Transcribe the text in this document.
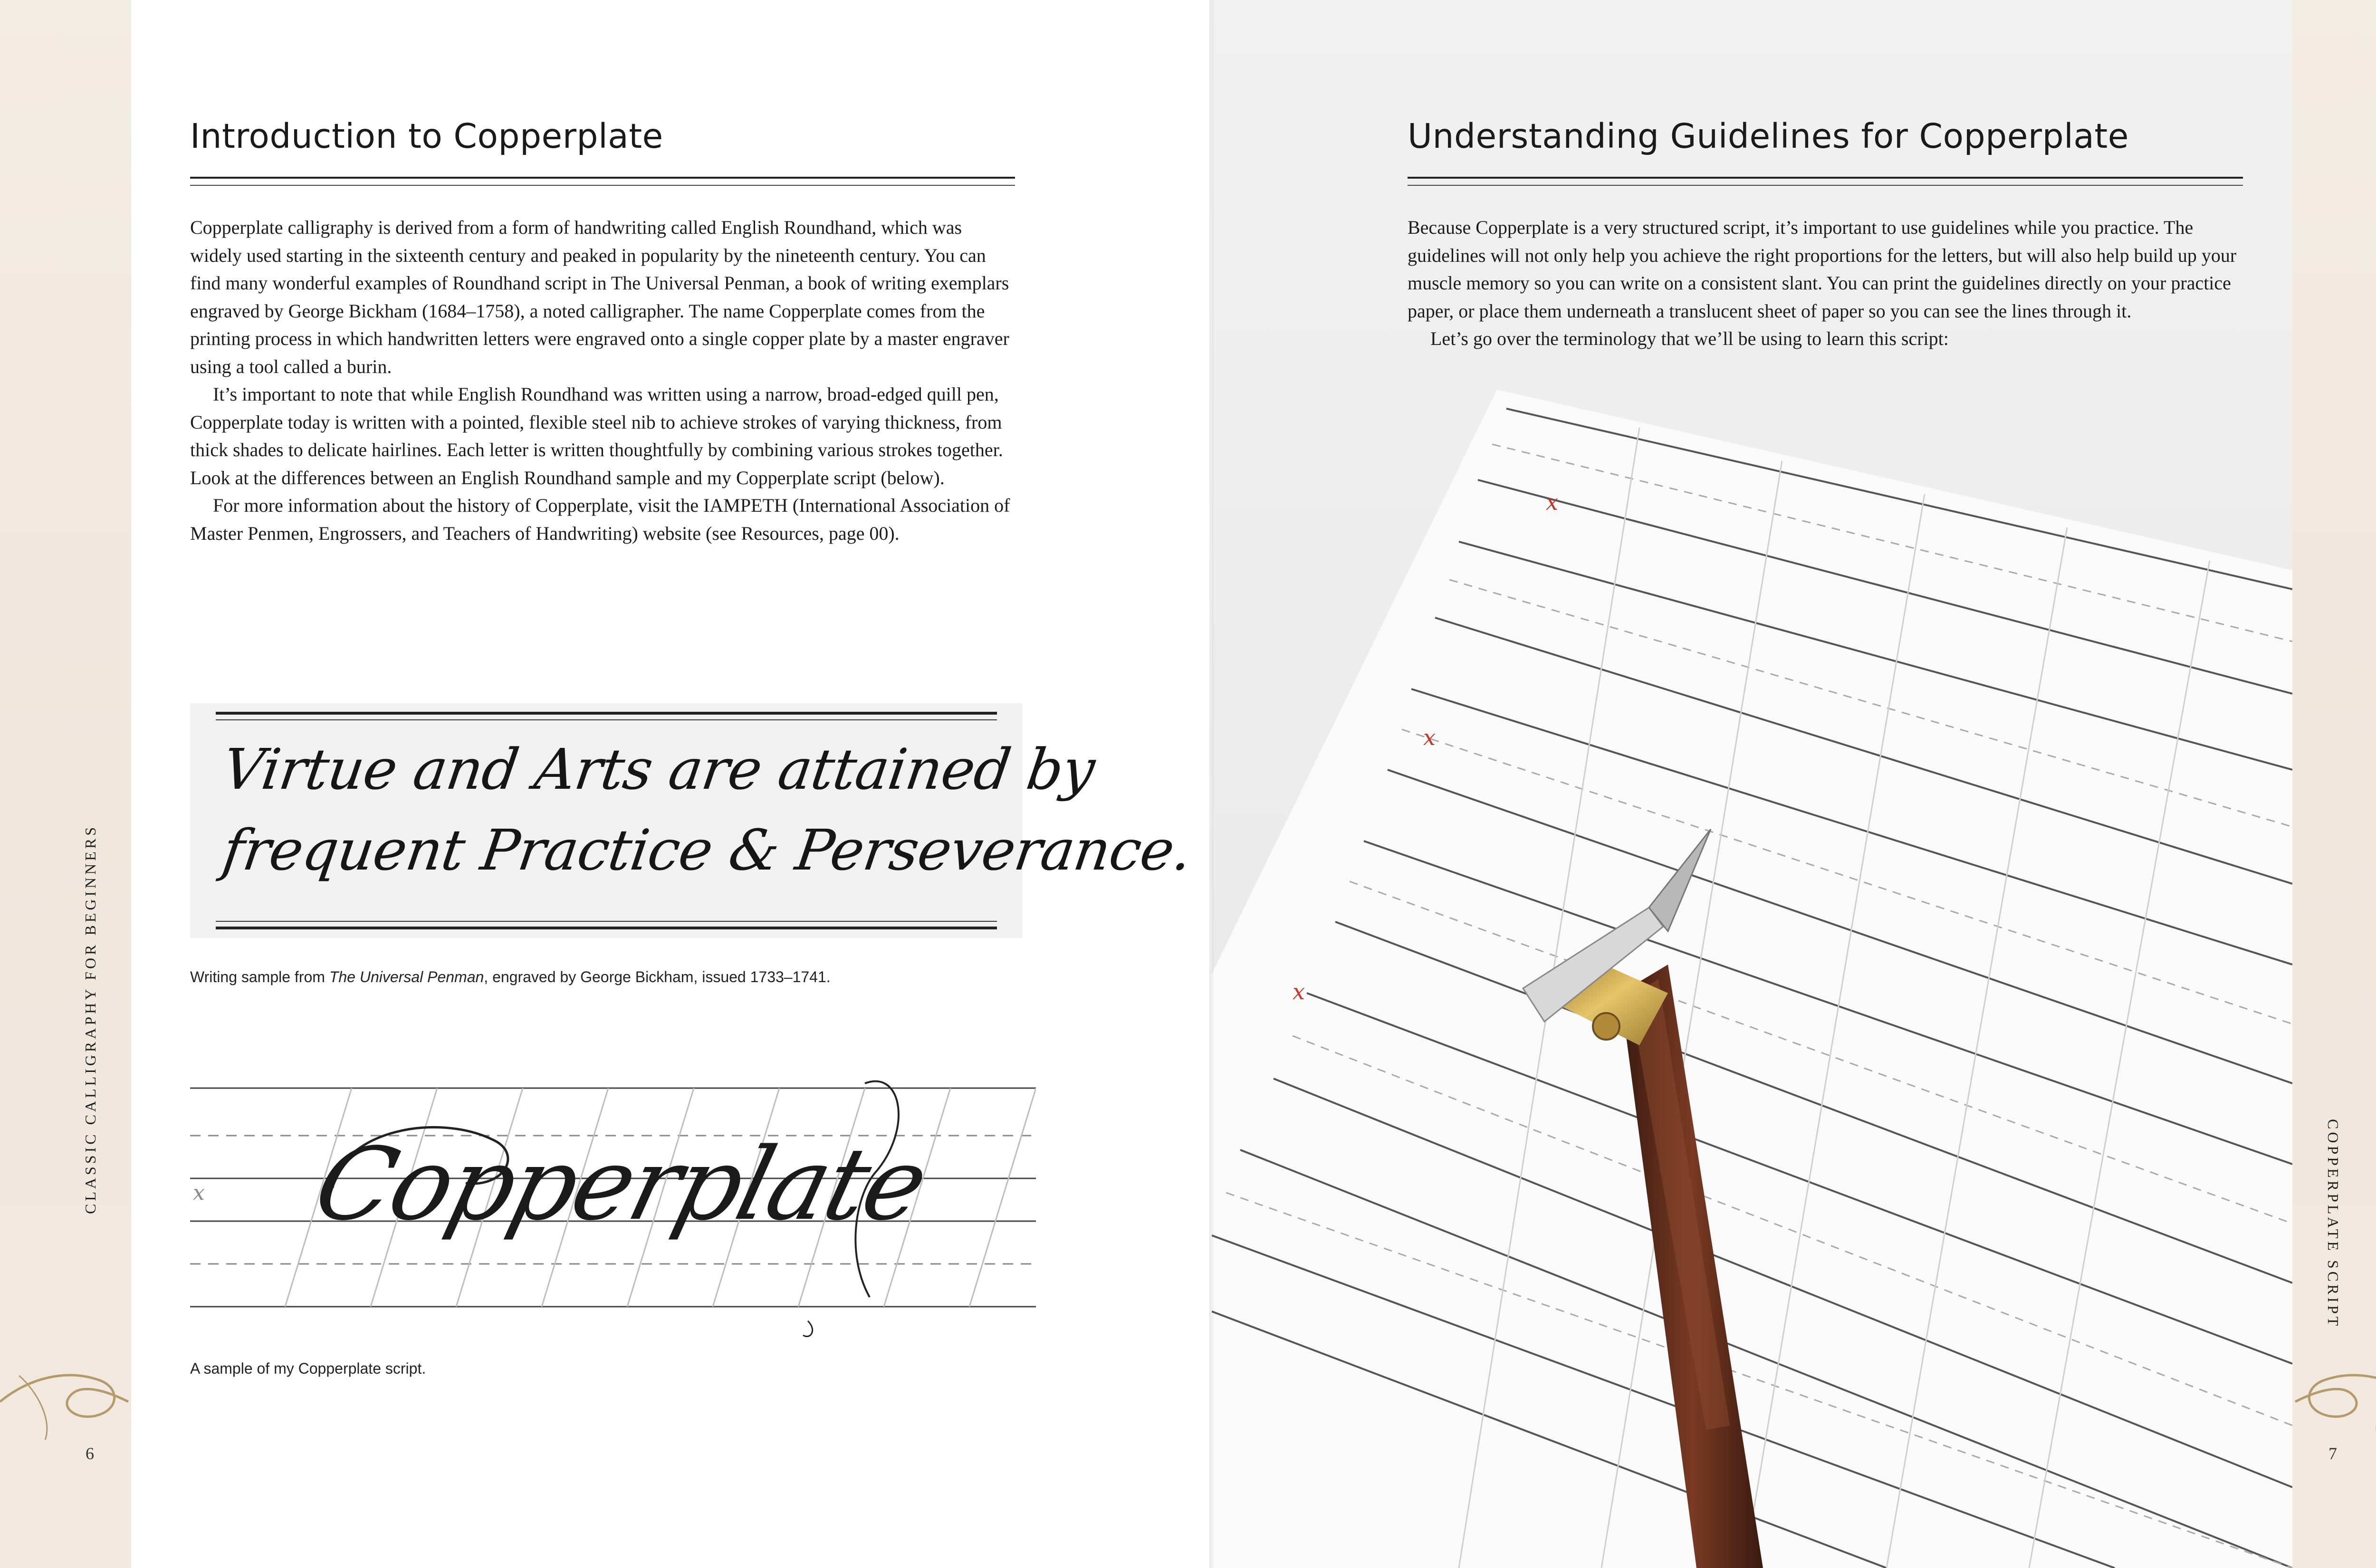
Introduction to Copperplate

Copperplate calligraphy is derived from a form of handwriting called English Roundhand, which was widely used starting in the sixteenth century and peaked in popularity by the nineteenth century. You can find many wonderful examples of Roundhand script in The Universal Penman, a book of writing exemplars engraved by George Bickham (1684–1758), a noted calligrapher. The name Copperplate comes from the printing process in which handwritten letters were engraved onto a single copper plate by a master engraver using a tool called a burin.

It’s important to note that while English Roundhand was written using a narrow, broad-edged quill pen, Copperplate today is written with a pointed, flexible steel nib to achieve strokes of varying thickness, from thick shades to delicate hairlines. Each letter is written thoughtfully by combining various strokes together. Look at the differences between an English Roundhand sample and my Copperplate script (below).

For more information about the history of Copperplate, visit the IAMPETH (International Association of Master Penmen, Engrossers, and Teachers of Handwriting) website (see Resources, page 00).

Virtue and Arts are attained by
frequent Practice & Perseverance.
Writing sample from The Universal Penman, engraved by George Bickham, issued 1733–1741.
x Copperplate
A sample of my Copperplate script.
CLASSIC CALLIGRAPHY FOR BEGINNERS
6
x
x
x
Understanding Guidelines for Copperplate

Because Copperplate is a very structured script, it’s important to use guidelines while you practice. The guidelines will not only help you achieve the right proportions for the letters, but will also help build up your muscle memory so you can write on a consistent slant. You can print the guidelines directly on your practice paper, or place them underneath a translucent sheet of paper so you can see the lines through it.

Let’s go over the terminology that we’ll be using to learn this script:

COPPERPLATE SCRIPT
7
